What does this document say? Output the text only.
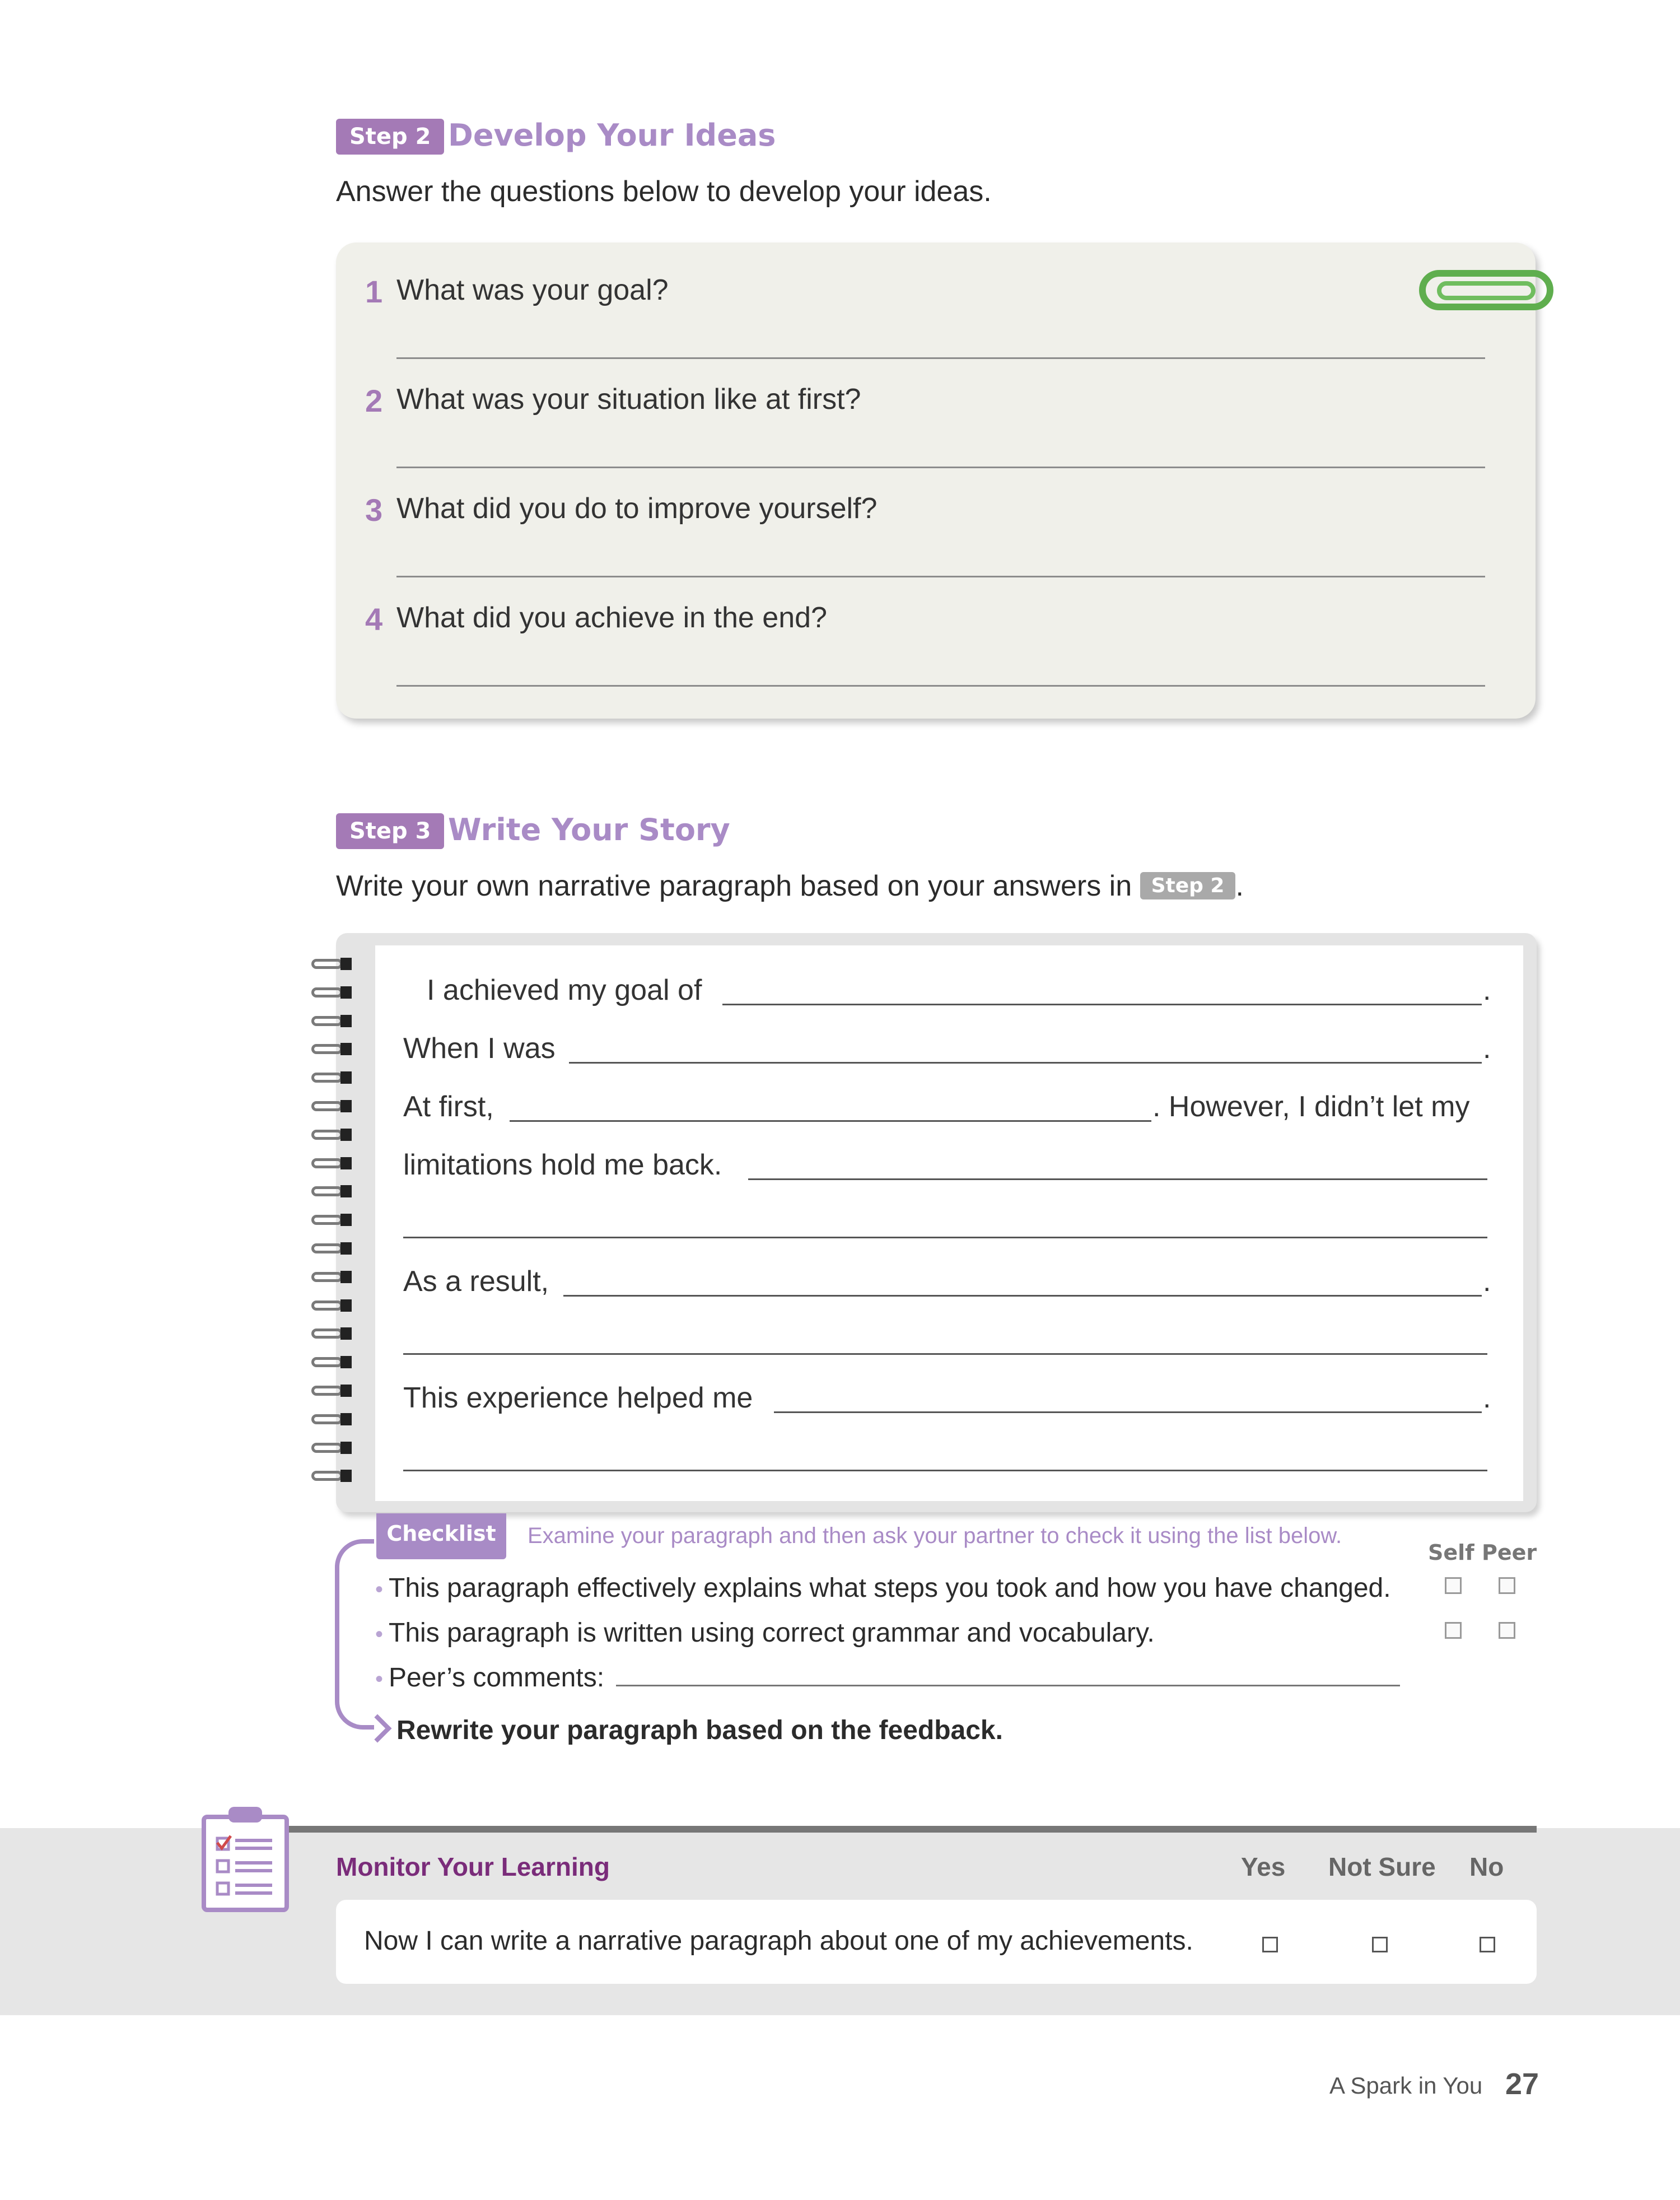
Step 2 Develop Your Ideas
Answer the questions below to develop your ideas.
1 What was your goal?
2 What was your situation like at first?
3 What did you do to improve yourself?
4 What did you achieve in the end?
Step 3 Write Your Story
Write your own narrative paragraph based on your answers in Step 2 .
I achieved my goal of	.
When I was	.
At first,	. However, I didn’t let my
limitations hold me back.
As a result,	.
This experience helped me	.
Checklist	Examine your paragraph and then ask your partner to check it using the list below.
Self Peer
• This paragraph effectively explains what steps you took and how you have changed.
• This paragraph is written using correct grammar and vocabulary.
• Peer’s comments:
Rewrite your paragraph based on the feedback.
Monitor Your Learning	Yes Not Sure No
Now I can write a narrative paragraph about one of my achievements.
A Spark in You 27
